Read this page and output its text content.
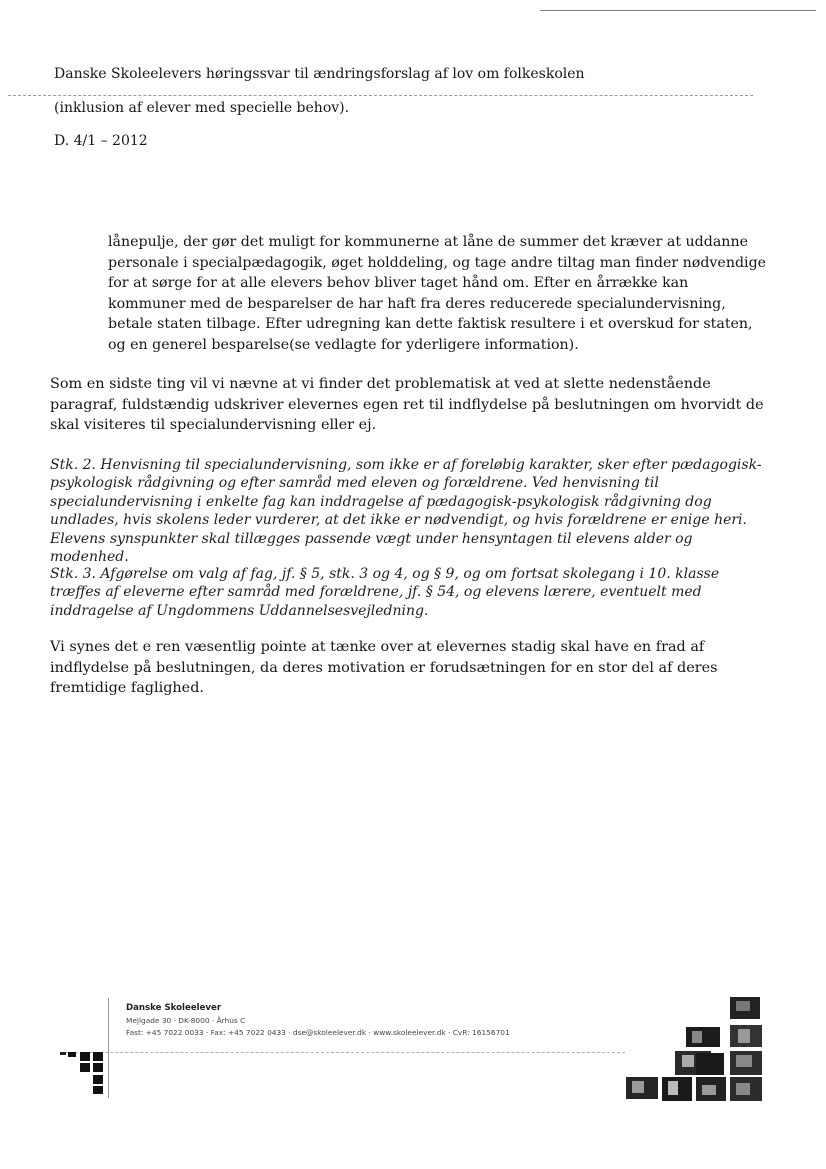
Danske Skoleelevers høringssvar til ændringsforslag af lov om folkeskolen
(inklusion af elever med specielle behov).
D. 4/1 – 2012
lånepulje, der gør det muligt for kommunerne at låne de summer det kræver at uddanne personale i specialpædagogik, øget holddeling, og tage andre tiltag man finder nødvendige for at sørge for at alle elevers behov bliver taget hånd om. Efter en årrække kan kommuner med de besparelser de har haft fra deres reducerede specialundervisning, betale staten tilbage. Efter udregning kan dette faktisk resultere i et overskud for staten, og en generel besparelse(se vedlagte for yderligere information).
Som en sidste ting vil vi nævne at vi finder det problematisk at ved at slette nedenstående paragraf, fuldstændig udskriver elevernes egen ret til indflydelse på beslutningen om hvorvidt de skal visiteres til specialundervisning eller ej.
Stk. 2. Henvisning til specialundervisning, som ikke er af foreløbig karakter, sker efter pædagogisk-psykologisk rådgivning og efter samråd med eleven og forældrene. Ved henvisning til specialundervisning i enkelte fag kan inddragelse af pædagogisk-psykologisk rådgivning dog undlades, hvis skolens leder vurderer, at det ikke er nødvendigt, og hvis forældrene er enige heri. Elevens synspunkter skal tillægges passende vægt under hensyntagen til elevens alder og modenhed.
Stk. 3. Afgørelse om valg af fag, jf. § 5, stk. 3 og 4, og § 9, og om fortsat skolegang i 10. klasse træffes af eleverne efter samråd med forældrene, jf. § 54, og elevens lærere, eventuelt med inddragelse af Ungdommens Uddannelsesvejledning.
Vi synes det e ren væsentlig pointe at tænke over at elevernes stadig skal have en frad af indflydelse på beslutningen, da deres motivation er forudsætningen for en stor del af deres fremtidige faglighed.
Danske Skoleelever
Mejlgade 30 · DK-8000 · Århus C
Fast: +45 7022 0033 · Fax: +45 7022 0433 · dse@skoleelever.dk · www.skoleelever.dk · CvR: 16156701
